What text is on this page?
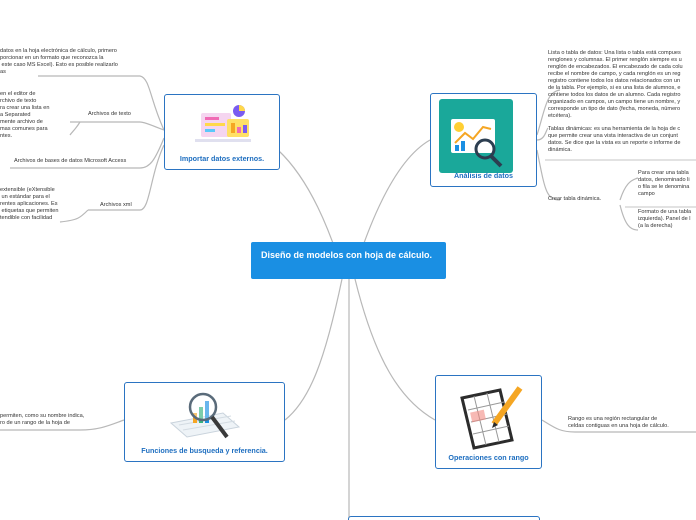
Diseño de modelos con hoja de cálculo.
Importar datos externos.
datos en la hoja electrónica de cálculo, primero
porcionar en un formato que reconozca la
este caso MS Excel). Esto es posible realizarlo
as
Archivos de texto
en el editor de
rchivo de texto
ra crear una lista en
a Separated
mente archivo de
mas comunes para
ntes.
Archivos de bases de datos Microsoft Access
Archivos xml
extensible (eXtensible
un estándar para el
rentes aplicaciones. Es
etiquetas que permiten
tendible con facilidad
Análisis de datos
Lista o tabla de datos: Una lista o tabla está compues
renglones y columnas. El primer renglón siempre es u
renglón de encabezados. El encabezado de cada colu
recibe el nombre de campo, y cada renglón es un reg
registro contiene todos los datos relacionados con un
de la tabla. Por ejemplo, si es una lista de alumnos, e
contiene todos los datos de un alumno. Cada registro
organizado en campos, un campo tiene un nombre, y
corresponde un tipo de dato (fecha, moneda, número
etcétera).
Tablas dinámicas: es una herramienta de la hoja de c
que permite crear una vista interactiva de un conjunt
datos. Se dice que la vista es un reporte o informe de
dinámica.
Crear tabla dinámica.
Para crear una tabla
datos, denominado li
o fila se le denomina
campo
Formato de una tabla
izquierda). Panel de l
(a la derecha)
Funciones de busqueda y referencia.
permiten, como su nombre indica,
ro de un rango de la hoja de
Operaciones con rango
Rango es una región rectangular de
celdas contiguas en una hoja de cálculo.
